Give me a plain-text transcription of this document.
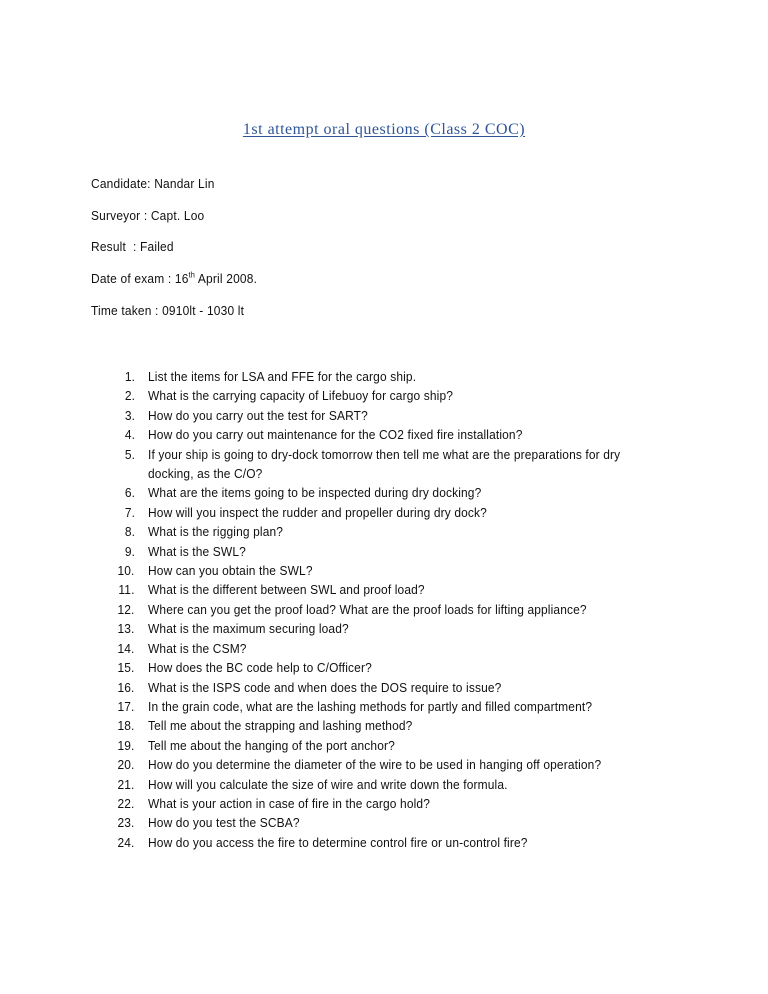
1st attempt oral questions (Class 2 COC)
Candidate: Nandar Lin
Surveyor : Capt. Loo
Result  : Failed
Date of exam : 16th April 2008.
Time taken : 0910lt - 1030 lt
1.	List the items for LSA and FFE for the cargo ship.
2.	What is the carrying capacity of Lifebuoy for cargo ship?
3.	How do you carry out the test for SART?
4.	How do you carry out maintenance for the CO2 fixed fire installation?
5.	If your ship is going to dry-dock tomorrow then tell me what are the preparations for dry docking, as the C/O?
6.	What are the items going to be inspected during dry docking?
7.	How will you inspect the rudder and propeller during dry dock?
8.	What is the rigging plan?
9.	What is the SWL?
10.	How can you obtain the SWL?
11.	What is the different between SWL and proof load?
12.	Where can you get the proof load? What are the proof loads for lifting appliance?
13.	What is the maximum securing load?
14.	What is the CSM?
15.	How does the BC code help to C/Officer?
16.	What is the ISPS code and when does the DOS require to issue?
17.	In the grain code, what are the lashing methods for partly and filled compartment?
18.	Tell me about the strapping and lashing method?
19.	Tell me about the hanging of the port anchor?
20.	How do you determine the diameter of the wire to be used in hanging off operation?
21.	How will you calculate the size of wire and write down the formula.
22.	What is your action in case of fire in the cargo hold?
23.	How do you test the SCBA?
24.	How do you access the fire to determine control fire or un-control fire?
